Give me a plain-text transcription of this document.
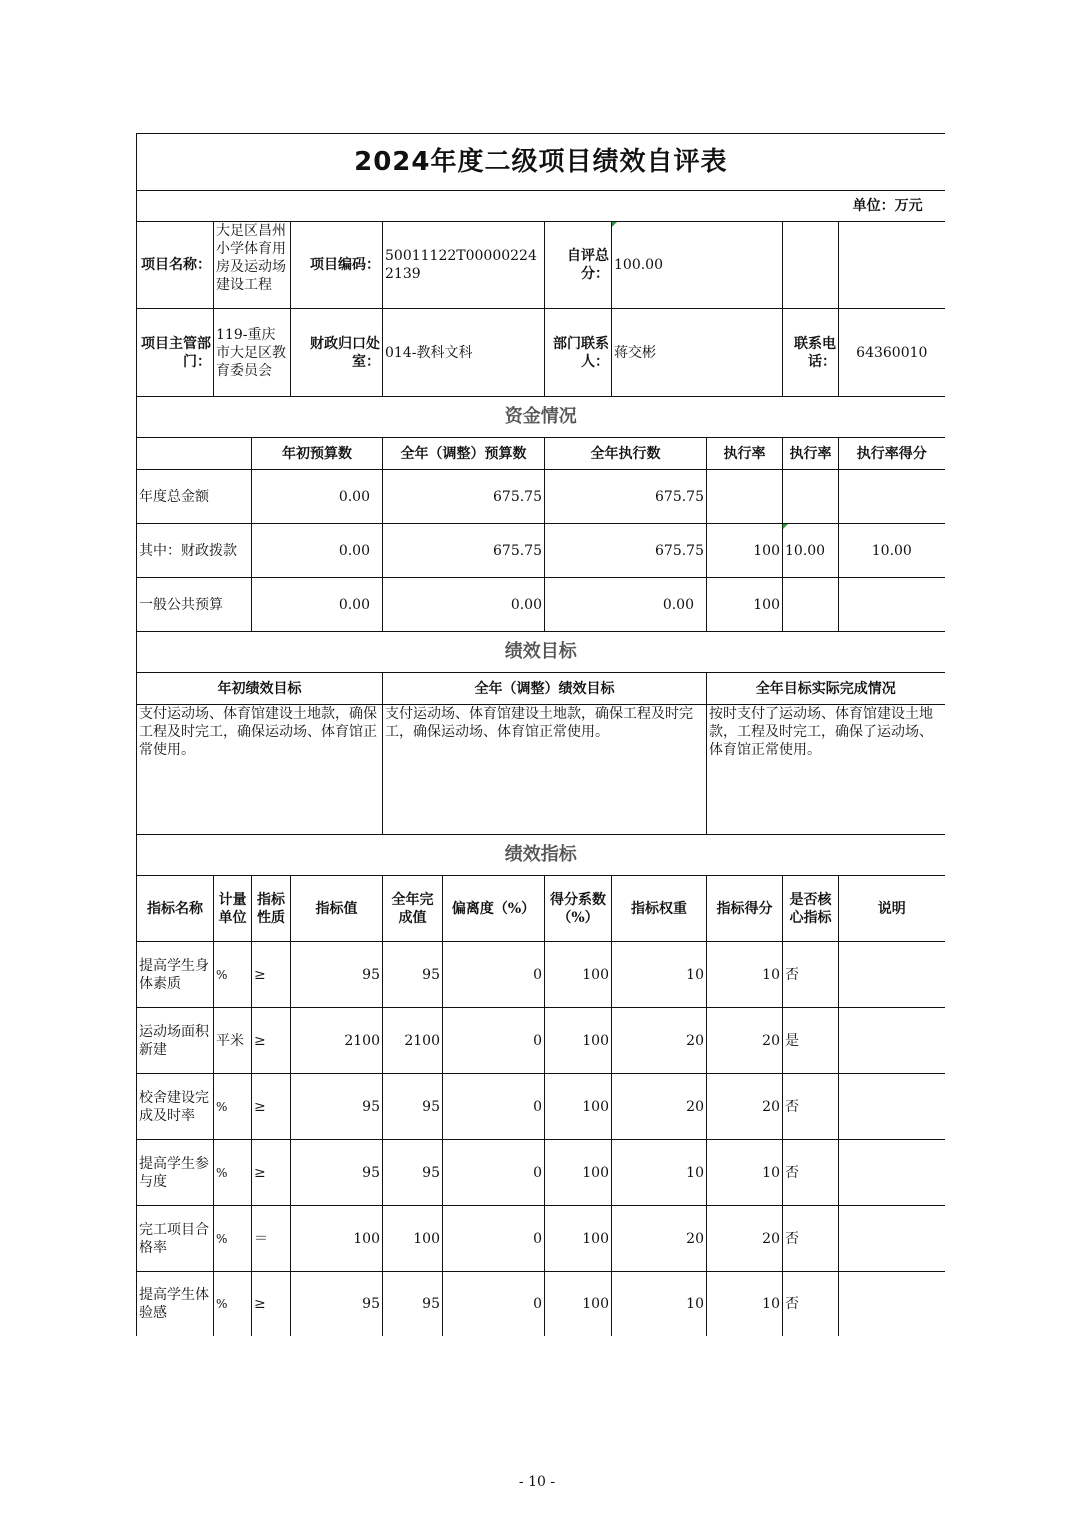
2024年度二级项目绩效自评表										
单位：万元										
项目名称：	大足区昌州小学体育用房及运动场建设工程		项目编码：	50011122T000002242139		自评总分：	100.00			
项目主管部门：	119-重庆市大足区教育委员会		财政归口处室：	014-教科文科		部门联系人：	蒋交彬		联系电话：	64360010
资金情况										
		年初预算数		全年（调整）预算数		全年执行数		执行率	执行率	执行率得分
年度总金额		0.00		675.75		675.75				
其中：财政拨款		0.00		675.75		675.75		100	10.00	10.00
一般公共预算		0.00		0.00		0.00		100		
绩效目标										
年初绩效目标				全年（调整）绩效目标				全年目标实际完成情况		
支付运动场、体育馆建设土地款，确保工程及时完工，确保运动场、体育馆正常使用。				支付运动场、体育馆建设土地款，确保工程及时完工，确保运动场、体育馆正常使用。				按时支付了运动场、体育馆建设土地款，工程及时完工，确保了运动场、体育馆正常使用。		
绩效指标										
指标名称	计量单位	指标性质	指标值	全年完成值	偏离度（%）	得分系数（%）	指标权重	指标得分	是否核心指标	说明
提高学生身体素质	%	≥	95	95	0	100	10	10	否	
运动场面积新建	平米	≥	2100	2100	0	100	20	20	是	
校舍建设完成及时率	%	≥	95	95	0	100	20	20	否	
提高学生参与度	%	≥	95	95	0	100	10	10	否	
完工项目合格率	%	＝	100	100	0	100	20	20	否	
提高学生体验感	%	≥	95	95	0	100	10	10	否	
- 10 -
